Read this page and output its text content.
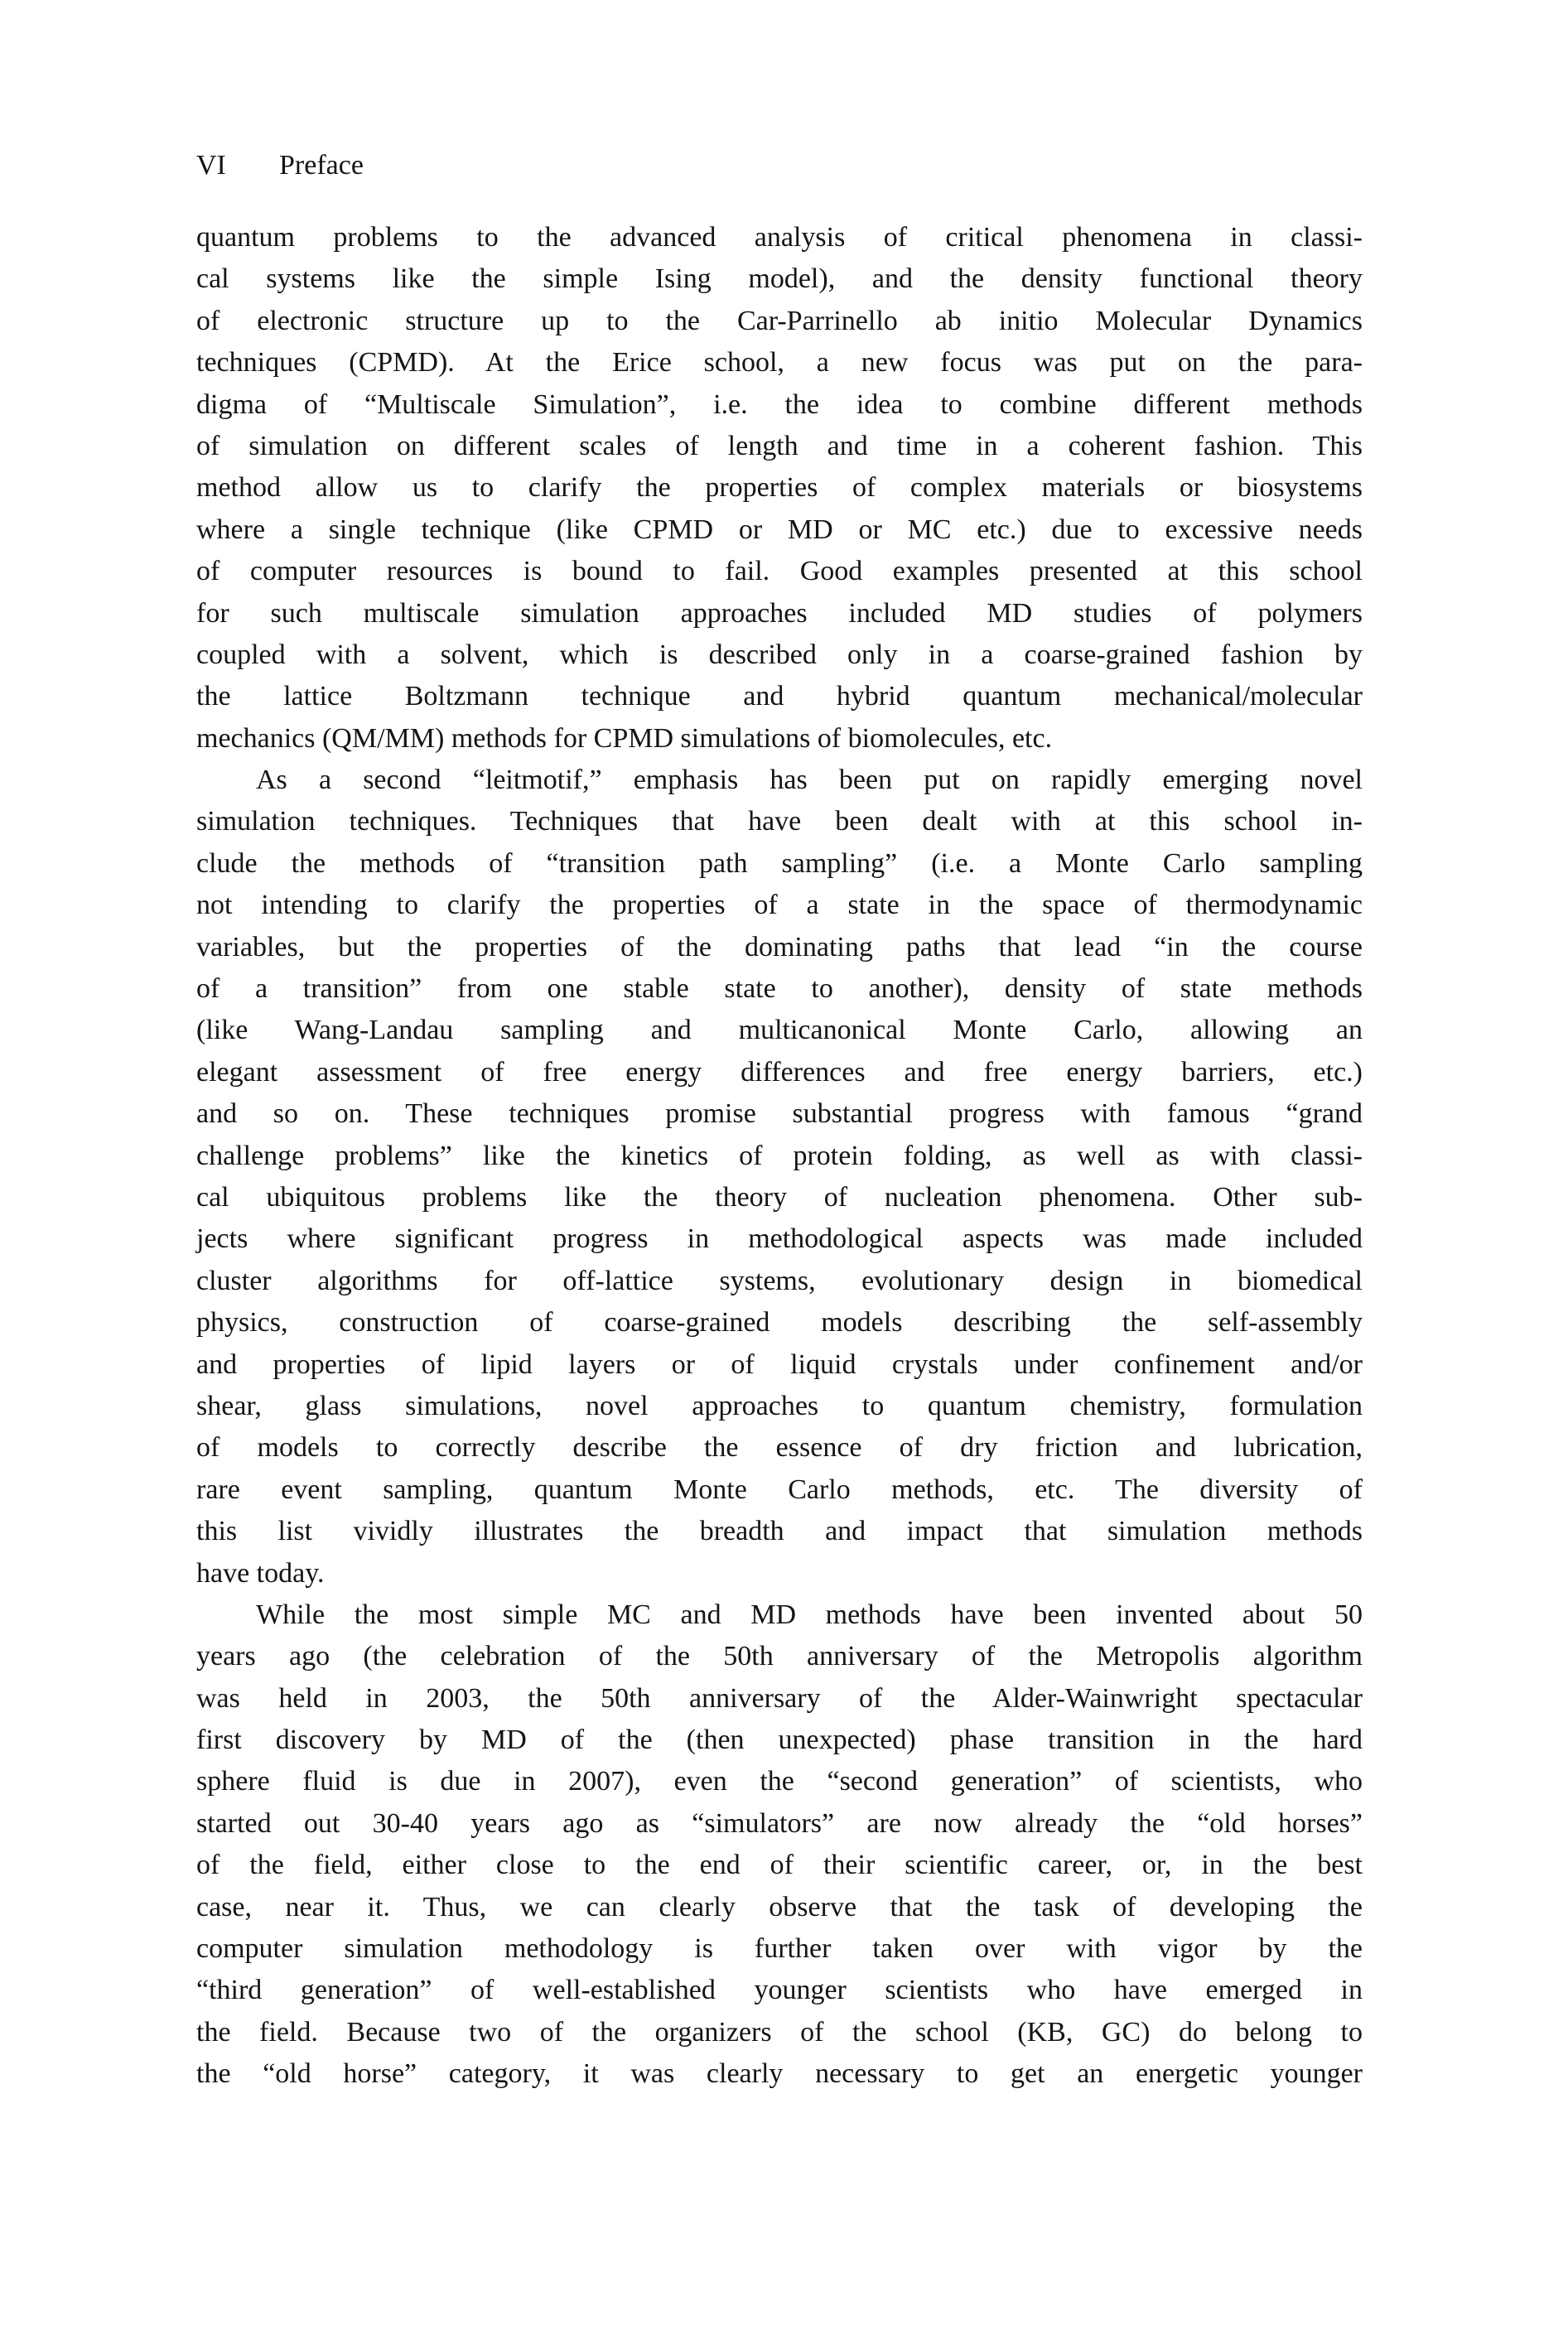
VI Preface
quantum problems to the advanced analysis of critical phenomena in classi-
cal systems like the simple Ising model), and the density functional theory
of electronic structure up to the Car-Parrinello ab initio Molecular Dynamics
techniques (CPMD). At the Erice school, a new focus was put on the para-
digma of “Multiscale Simulation”, i.e. the idea to combine different methods
of simulation on different scales of length and time in a coherent fashion. This
method allow us to clarify the properties of complex materials or biosystems
where a single technique (like CPMD or MD or MC etc.) due to excessive needs
of computer resources is bound to fail. Good examples presented at this school
for such multiscale simulation approaches included MD studies of polymers
coupled with a solvent, which is described only in a coarse-grained fashion by
the lattice Boltzmann technique and hybrid quantum mechanical/molecular
mechanics (QM/MM) methods for CPMD simulations of biomolecules, etc.
As a second “leitmotif,” emphasis has been put on rapidly emerging novel
simulation techniques. Techniques that have been dealt with at this school in-
clude the methods of “transition path sampling” (i.e. a Monte Carlo sampling
not intending to clarify the properties of a state in the space of thermodynamic
variables, but the properties of the dominating paths that lead “in the course
of a transition” from one stable state to another), density of state methods
(like Wang-Landau sampling and multicanonical Monte Carlo, allowing an
elegant assessment of free energy differences and free energy barriers, etc.)
and so on. These techniques promise substantial progress with famous “grand
challenge problems” like the kinetics of protein folding, as well as with classi-
cal ubiquitous problems like the theory of nucleation phenomena. Other sub-
jects where significant progress in methodological aspects was made included
cluster algorithms for off-lattice systems, evolutionary design in biomedical
physics, construction of coarse-grained models describing the self-assembly
and properties of lipid layers or of liquid crystals under confinement and/or
shear, glass simulations, novel approaches to quantum chemistry, formulation
of models to correctly describe the essence of dry friction and lubrication,
rare event sampling, quantum Monte Carlo methods, etc. The diversity of
this list vividly illustrates the breadth and impact that simulation methods
have today.
While the most simple MC and MD methods have been invented about 50
years ago (the celebration of the 50th anniversary of the Metropolis algorithm
was held in 2003, the 50th anniversary of the Alder-Wainwright spectacular
first discovery by MD of the (then unexpected) phase transition in the hard
sphere fluid is due in 2007), even the “second generation” of scientists, who
started out 30-40 years ago as “simulators” are now already the “old horses”
of the field, either close to the end of their scientific career, or, in the best
case, near it. Thus, we can clearly observe that the task of developing the
computer simulation methodology is further taken over with vigor by the
“third generation” of well-established younger scientists who have emerged in
the field. Because two of the organizers of the school (KB, GC) do belong to
the “old horse” category, it was clearly necessary to get an energetic younger
